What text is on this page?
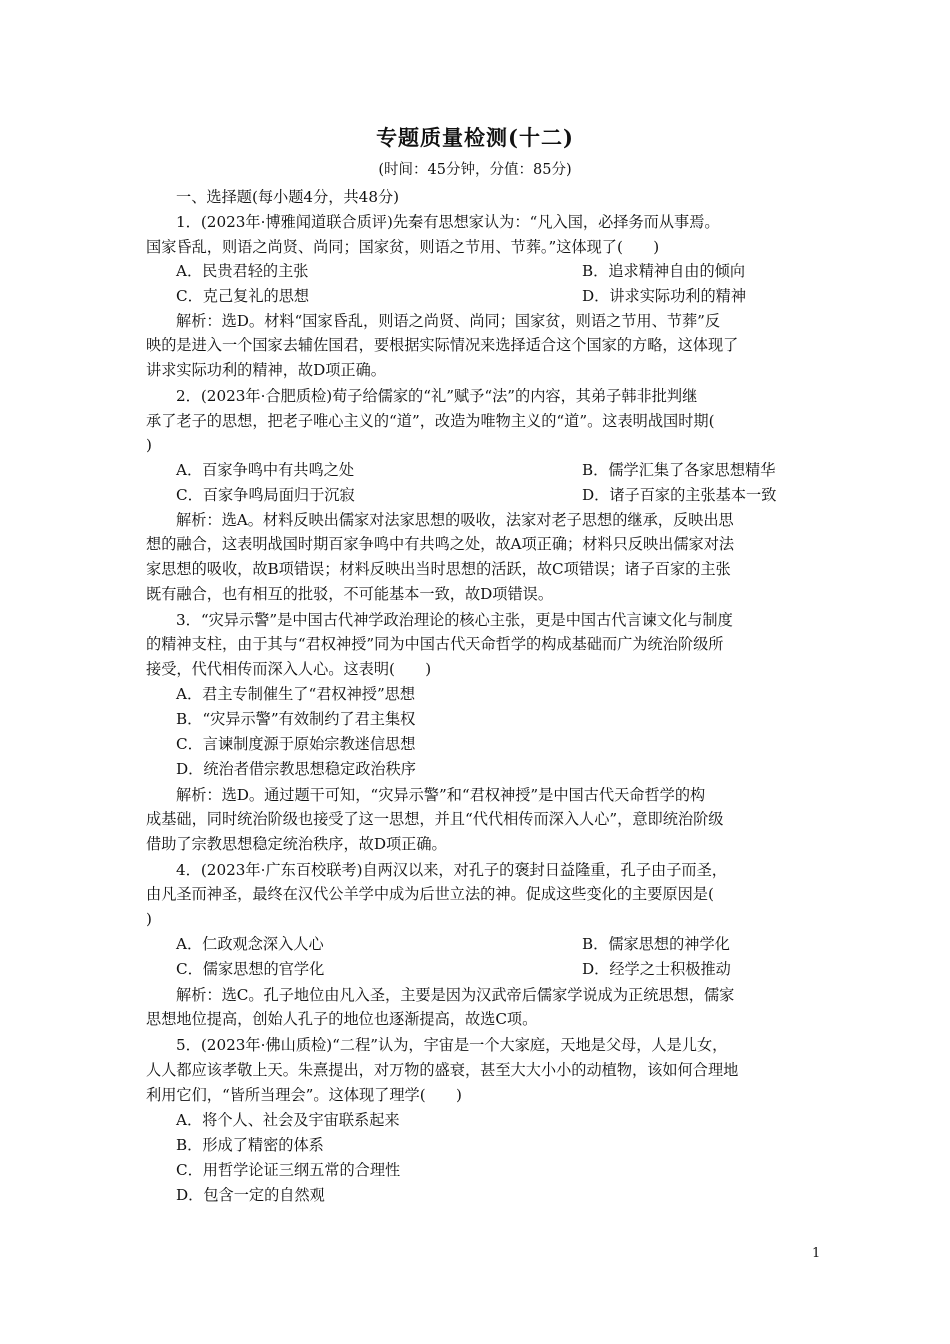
专题质量检测(十二)
(时间：45分钟，分值：85分)
一、选择题(每小题4分，共48分)
1．(2023年·博雅闻道联合质评)先秦有思想家认为：“凡入国，必择务而从事焉。
国家昏乱，则语之尚贤、尚同；国家贫，则语之节用、节葬。”这体现了(　　)
A．民贵君轻的主张	B．追求精神自由的倾向
C．克己复礼的思想	D．讲求实际功利的精神
解析：选D。材料“国家昏乱，则语之尚贤、尚同；国家贫，则语之节用、节葬”反
映的是进入一个国家去辅佐国君，要根据实际情况来选择适合这个国家的方略，这体现了
讲求实际功利的精神，故D项正确。
2．(2023年·合肥质检)荀子给儒家的“礼”赋予“法”的内容，其弟子韩非批判继
承了老子的思想，把老子唯心主义的“道”，改造为唯物主义的“道”。这表明战国时期(
)
A．百家争鸣中有共鸣之处	B．儒学汇集了各家思想精华
C．百家争鸣局面归于沉寂	D．诸子百家的主张基本一致
解析：选A。材料反映出儒家对法家思想的吸收，法家对老子思想的继承，反映出思
想的融合，这表明战国时期百家争鸣中有共鸣之处，故A项正确；材料只反映出儒家对法
家思想的吸收，故B项错误；材料反映出当时思想的活跃，故C项错误；诸子百家的主张
既有融合，也有相互的批驳，不可能基本一致，故D项错误。
3．“灾异示警”是中国古代神学政治理论的核心主张，更是中国古代言谏文化与制度
的精神支柱，由于其与“君权神授”同为中国古代天命哲学的构成基础而广为统治阶级所
接受，代代相传而深入人心。这表明(　　)
A．君主专制催生了“君权神授”思想
B．“灾异示警”有效制约了君主集权
C．言谏制度源于原始宗教迷信思想
D．统治者借宗教思想稳定政治秩序
解析：选D。通过题干可知，“灾异示警”和“君权神授”是中国古代天命哲学的构
成基础，同时统治阶级也接受了这一思想，并且“代代相传而深入人心”，意即统治阶级
借助了宗教思想稳定统治秩序，故D项正确。
4．(2023年·广东百校联考)自两汉以来，对孔子的褒封日益隆重，孔子由子而圣，
由凡圣而神圣，最终在汉代公羊学中成为后世立法的神。促成这些变化的主要原因是(
)
A．仁政观念深入人心	B．儒家思想的神学化
C．儒家思想的官学化	D．经学之士积极推动
解析：选C。孔子地位由凡入圣，主要是因为汉武帝后儒家学说成为正统思想，儒家
思想地位提高，创始人孔子的地位也逐渐提高，故选C项。
5．(2023年·佛山质检)“二程”认为，宇宙是一个大家庭，天地是父母，人是儿女，
人人都应该孝敬上天。朱熹提出，对万物的盛衰，甚至大大小小的动植物，该如何合理地
利用它们，“皆所当理会”。这体现了理学(　　)
A．将个人、社会及宇宙联系起来
B．形成了精密的体系
C．用哲学论证三纲五常的合理性
D．包含一定的自然观
1
